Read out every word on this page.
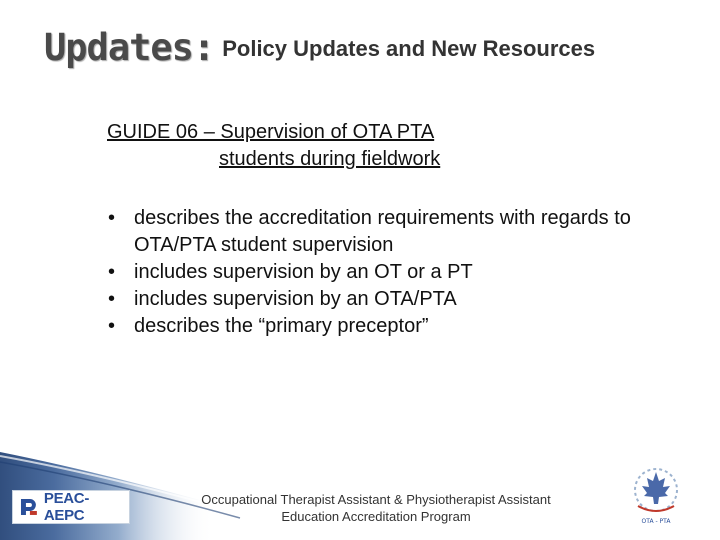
Updates: Policy Updates and New Resources
GUIDE 06 – Supervision of OTA PTA
students during fieldwork
• describes the accreditation requirements with regards to OTA/PTA student supervision
• includes supervision by an OT or a PT
• includes supervision by an OTA/PTA
• describes the “primary preceptor”
PEAC-AEPC
Occupational Therapist Assistant & Physiotherapist Assistant
Education Accreditation Program	OTA - PTA
